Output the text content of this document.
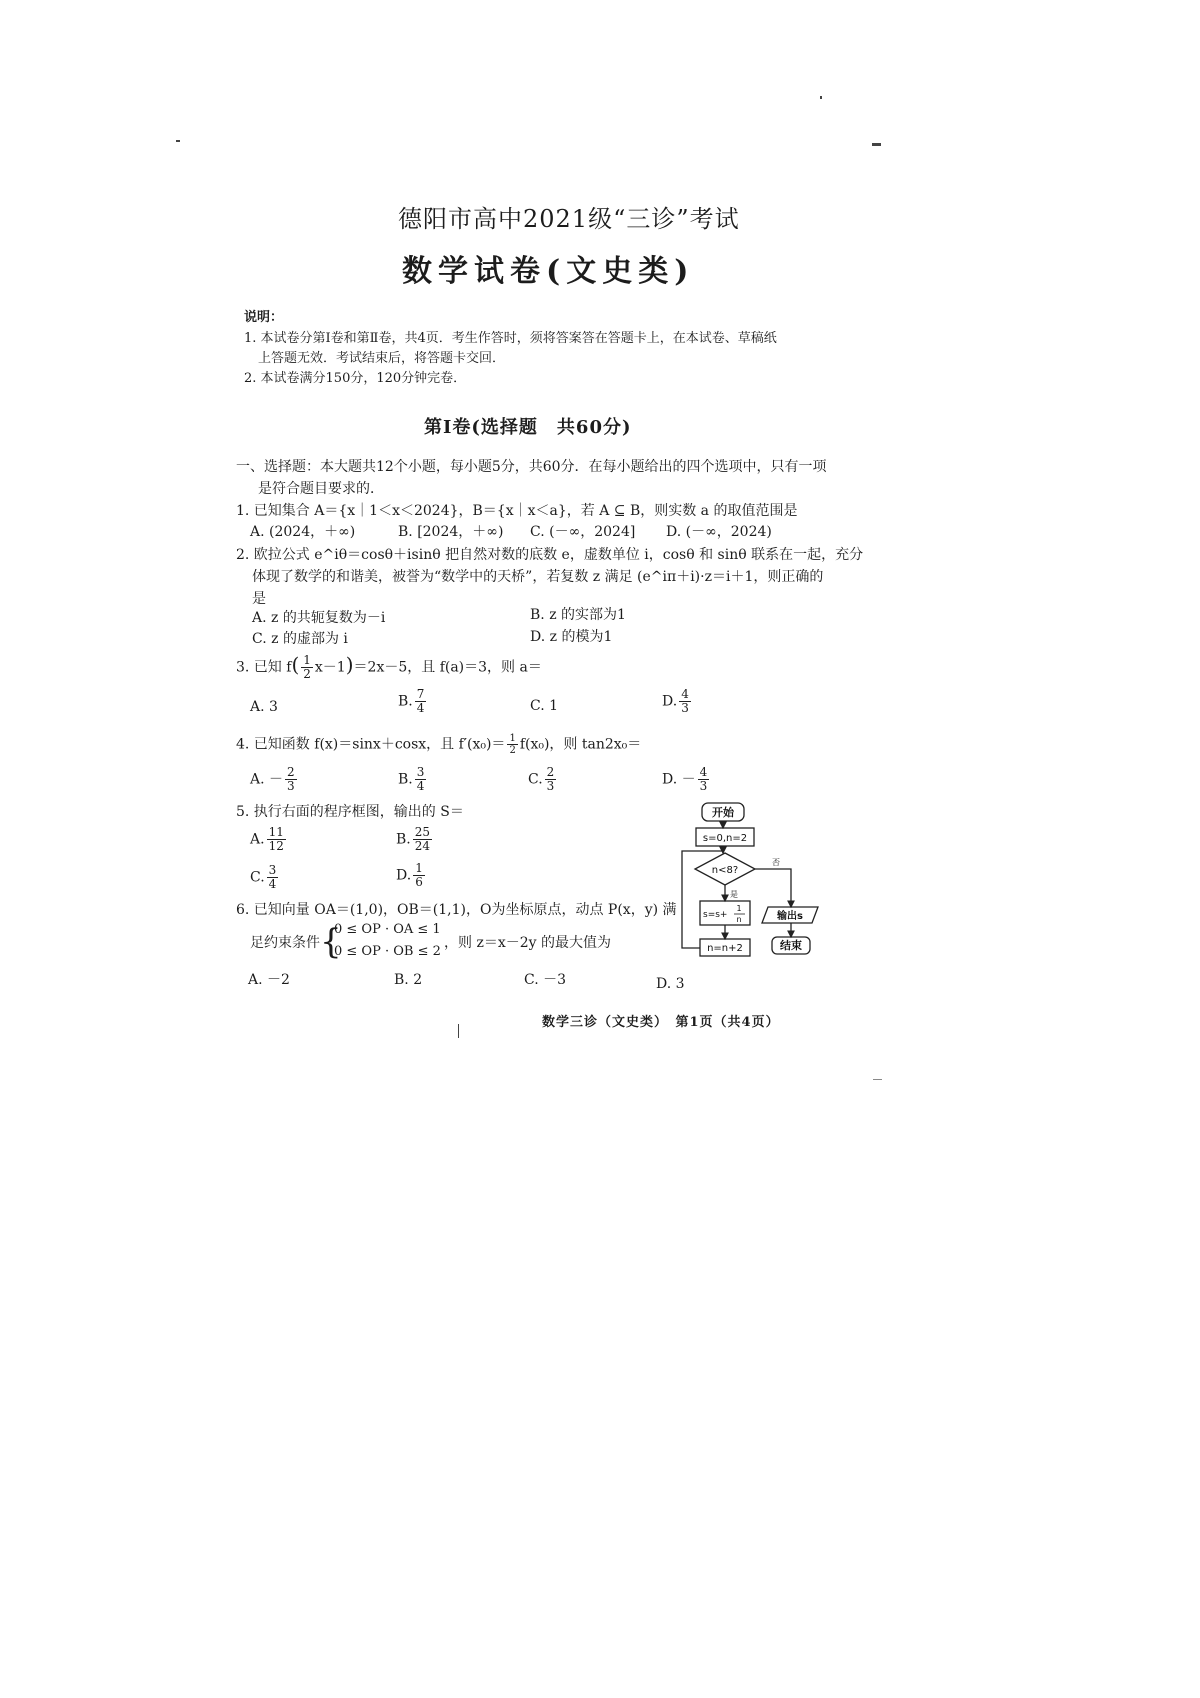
德阳市高中2021级“三诊”考试
数学试卷(文史类)
说明：
1. 本试卷分第Ⅰ卷和第Ⅱ卷，共4页．考生作答时，须将答案答在答题卡上，在本试卷、草稿纸
上答题无效．考试结束后，将答题卡交回．
2. 本试卷满分150分，120分钟完卷．
第Ⅰ卷(选择题　共60分)
一、选择题：本大题共12个小题，每小题5分，共60分．在每小题给出的四个选项中，只有一项
是符合题目要求的．
1. 已知集合 A＝{x｜1＜x＜2024}，B＝{x｜x＜a}，若 A ⊆ B，则实数 a 的取值范围是
A. (2024，＋∞)	B. [2024，＋∞) C. (－∞，2024] D. (－∞，2024)
2. 欧拉公式 e^iθ＝cosθ＋isinθ 把自然对数的底数 e，虚数单位 i，cosθ 和 sinθ 联系在一起，充分
体现了数学的和谐美，被誉为“数学中的天桥”，若复数 z 满足 (e^iπ＋i)·z＝i＋1，则正确的
是
A. z 的共轭复数为－i	B. z 的实部为1
C. z 的虚部为 i	D. z 的模为1
3. 已知 $f( \frac{1}{2} x-1)=2x-5$，且 f(a)＝3，则 a＝
A. 3	B. $\frac{7}{4}$	C. 1	D. $\frac{4}{3}$
4. 已知函数 f(x)＝sinx＋cosx，且 $f'(x_0)= \frac{1}{2} f(x_0)$，则 tan2x₀＝
A. － $\frac{2}{3}$	B. $\frac{3}{4}$	C. $\frac{2}{3}$	D. － $\frac{4}{3}$
5. 执行右面的程序框图，输出的 S＝
A. $\frac{11}{12}$	B. $\frac{25}{24}$
C. $\frac{3}{4}$	D. $\frac{1}{6}$
6. 已知向量 OA＝(1,0)，OB＝(1,1)，O为坐标原点，动点 P(x，y) 满
足约束条件 {
0 ≤ OP · OA ≤ 1
0 ≤ OP · OB ≤ 2
，则 z＝x－2y 的最大值为
A. －2	B. 2	C. －3	D. 3
开始
s=0,n=2
n<8?
是
否
s=s+
1
n
n=n+2
输出s
结束
数学三诊（文史类）　第1页（共4页）
